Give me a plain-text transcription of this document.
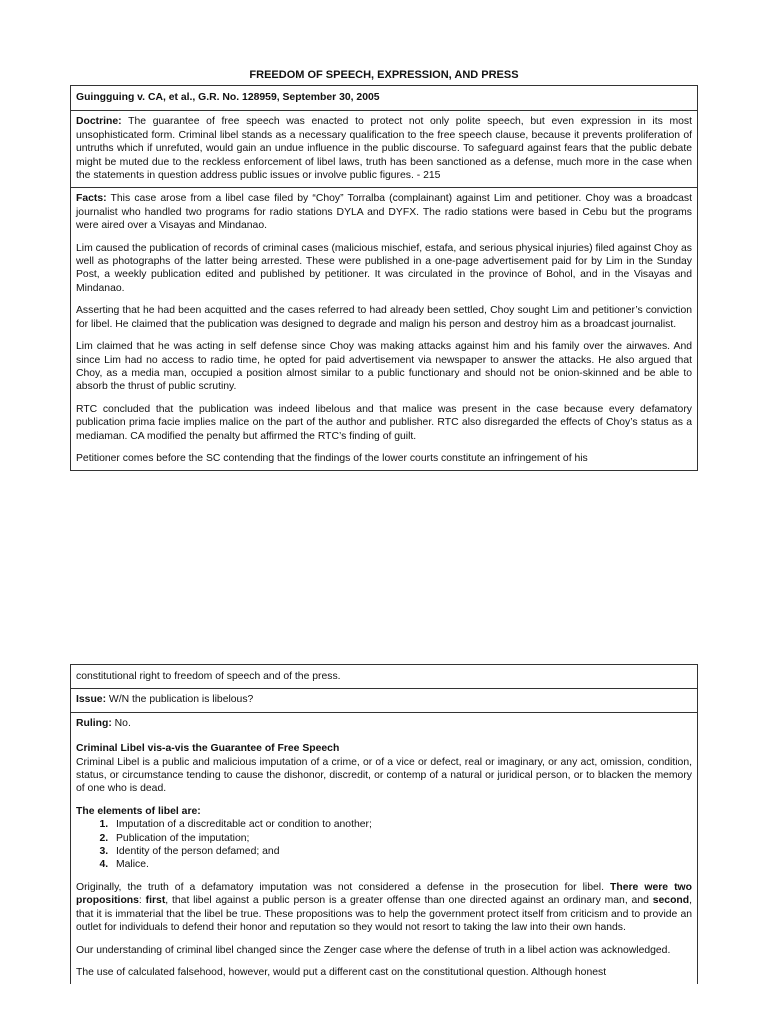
FREEDOM OF SPEECH, EXPRESSION, AND PRESS
Guingguing v. CA, et al., G.R. No. 128959, September 30, 2005
Doctrine: The guarantee of free speech was enacted to protect not only polite speech, but even expression in its most unsophisticated form. Criminal libel stands as a necessary qualification to the free speech clause, because it prevents proliferation of untruths which if unrefuted, would gain an undue influence in the public discourse. To safeguard against fears that the public debate might be muted due to the reckless enforcement of libel laws, truth has been sanctioned as a defense, much more in the case when the statements in question address public issues or involve public figures. - 215

Facts: This case arose from a libel case filed by “Choy” Torralba (complainant) against Lim and petitioner. Choy was a broadcast journalist who handled two programs for radio stations DYLA and DYFX. The radio stations were based in Cebu but the programs were aired over a Visayas and Mindanao.

Lim caused the publication of records of criminal cases (malicious mischief, estafa, and serious physical injuries) filed against Choy as well as photographs of the latter being arrested. These were published in a one-page advertisement paid for by Lim in the Sunday Post, a weekly publication edited and published by petitioner. It was circulated in the province of Bohol, and in the Visayas and Mindanao.

Asserting that he had been acquitted and the cases referred to had already been settled, Choy sought Lim and petitioner’s conviction for libel. He claimed that the publication was designed to degrade and malign his person and destroy him as a broadcast journalist.

Lim claimed that he was acting in self defense since Choy was making attacks against him and his family over the airwaves. And since Lim had no access to radio time, he opted for paid advertisement via newspaper to answer the attacks. He also argued that Choy, as a media man, occupied a position almost similar to a public functionary and should not be onion-skinned and be able to absorb the thrust of public scrutiny.

RTC concluded that the publication was indeed libelous and that malice was present in the case because every defamatory publication prima facie implies malice on the part of the author and publisher. RTC also disregarded the effects of Choy’s status as a mediaman. CA modified the penalty but affirmed the RTC’s finding of guilt.

Petitioner comes before the SC contending that the findings of the lower courts constitute an infringement of his

constitutional right to freedom of speech and of the press.
Issue: W/N the publication is libelous?

Ruling: No.

Criminal Libel vis-a-vis the Guarantee of Free Speech
Criminal Libel is a public and malicious imputation of a crime, or of a vice or defect, real or imaginary, or any act, omission, condition, status, or circumstance tending to cause the dishonor, discredit, or contemp of a natural or juridical person, or to blacken the memory of one who is dead.

The elements of libel are:
1. Imputation of a discreditable act or condition to another;
2. Publication of the imputation;
3. Identity of the person defamed; and
4. Malice.

Originally, the truth of a defamatory imputation was not considered a defense in the prosecution for libel. There were two propositions: first, that libel against a public person is a greater offense than one directed against an ordinary man, and second, that it is immaterial that the libel be true. These propositions was to help the government protect itself from criticism and to provide an outlet for individuals to defend their honor and reputation so they would not resort to taking the law into their own hands.

Our understanding of criminal libel changed since the Zenger case where the defense of truth in a libel action was acknowledged.

The use of calculated falsehood, however, would put a different cast on the constitutional question. Although honest
